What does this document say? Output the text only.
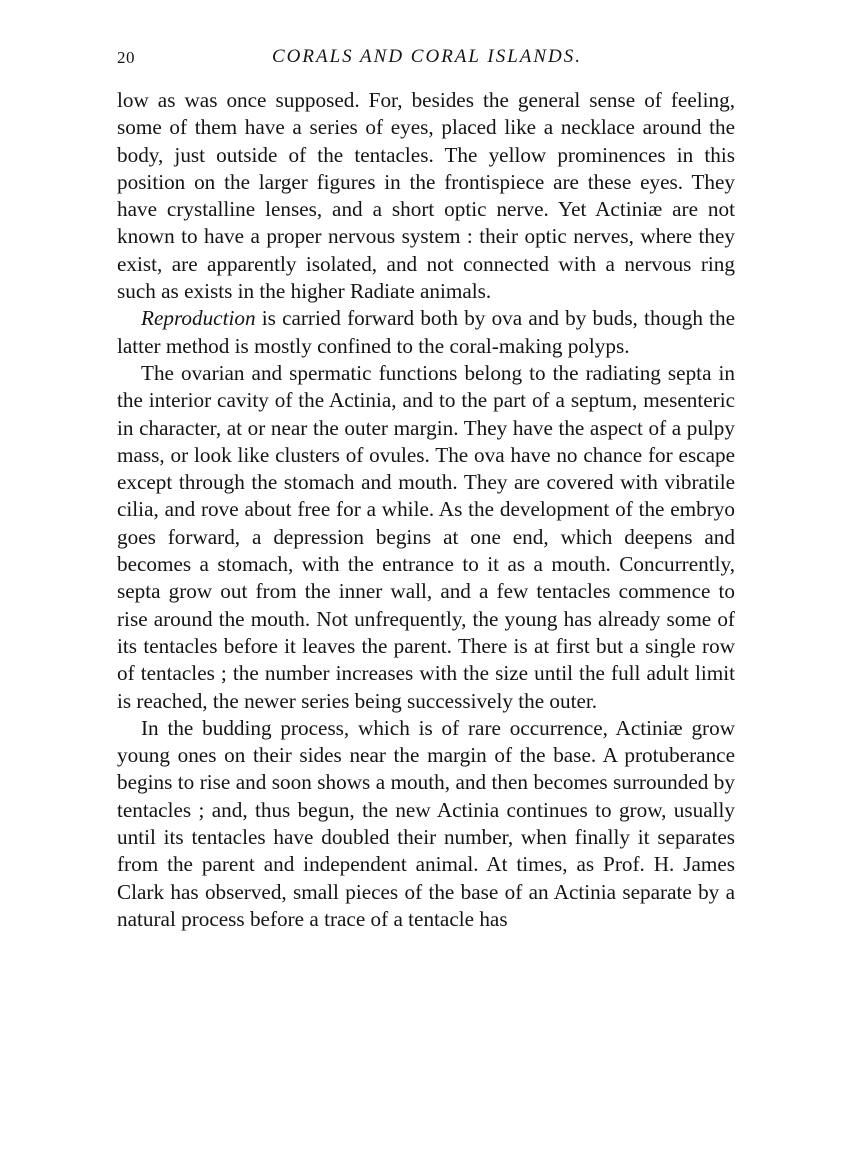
20	CORALS AND CORAL ISLANDS.

low as was once supposed. For, besides the general sense of feeling, some of them have a series of eyes, placed like a necklace around the body, just outside of the tentacles. The yellow prominences in this position on the larger figures in the frontispiece are these eyes. They have crystalline lenses, and a short optic nerve. Yet Actiniæ are not known to have a proper nervous system : their optic nerves, where they exist, are apparently isolated, and not connected with a nervous ring such as exists in the higher Radiate animals.

Reproduction is carried forward both by ova and by buds, though the latter method is mostly confined to the coral-making polyps.

The ovarian and spermatic functions belong to the radiating septa in the interior cavity of the Actinia, and to the part of a septum, mesenteric in character, at or near the outer margin. They have the aspect of a pulpy mass, or look like clusters of ovules. The ova have no chance for escape except through the stomach and mouth. They are covered with vibratile cilia, and rove about free for a while. As the development of the embryo goes forward, a depression begins at one end, which deepens and becomes a stomach, with the entrance to it as a mouth. Concurrently, septa grow out from the inner wall, and a few tentacles commence to rise around the mouth. Not unfrequently, the young has already some of its tentacles before it leaves the parent. There is at first but a single row of tentacles ; the number increases with the size until the full adult limit is reached, the newer series being successively the outer.

In the budding process, which is of rare occurrence, Actiniæ grow young ones on their sides near the margin of the base. A protuberance begins to rise and soon shows a mouth, and then becomes surrounded by tentacles ; and, thus begun, the new Actinia continues to grow, usually until its tentacles have doubled their number, when finally it separates from the parent and independent animal. At times, as Prof. H. James Clark has observed, small pieces of the base of an Actinia separate by a natural process before a trace of a tentacle has
